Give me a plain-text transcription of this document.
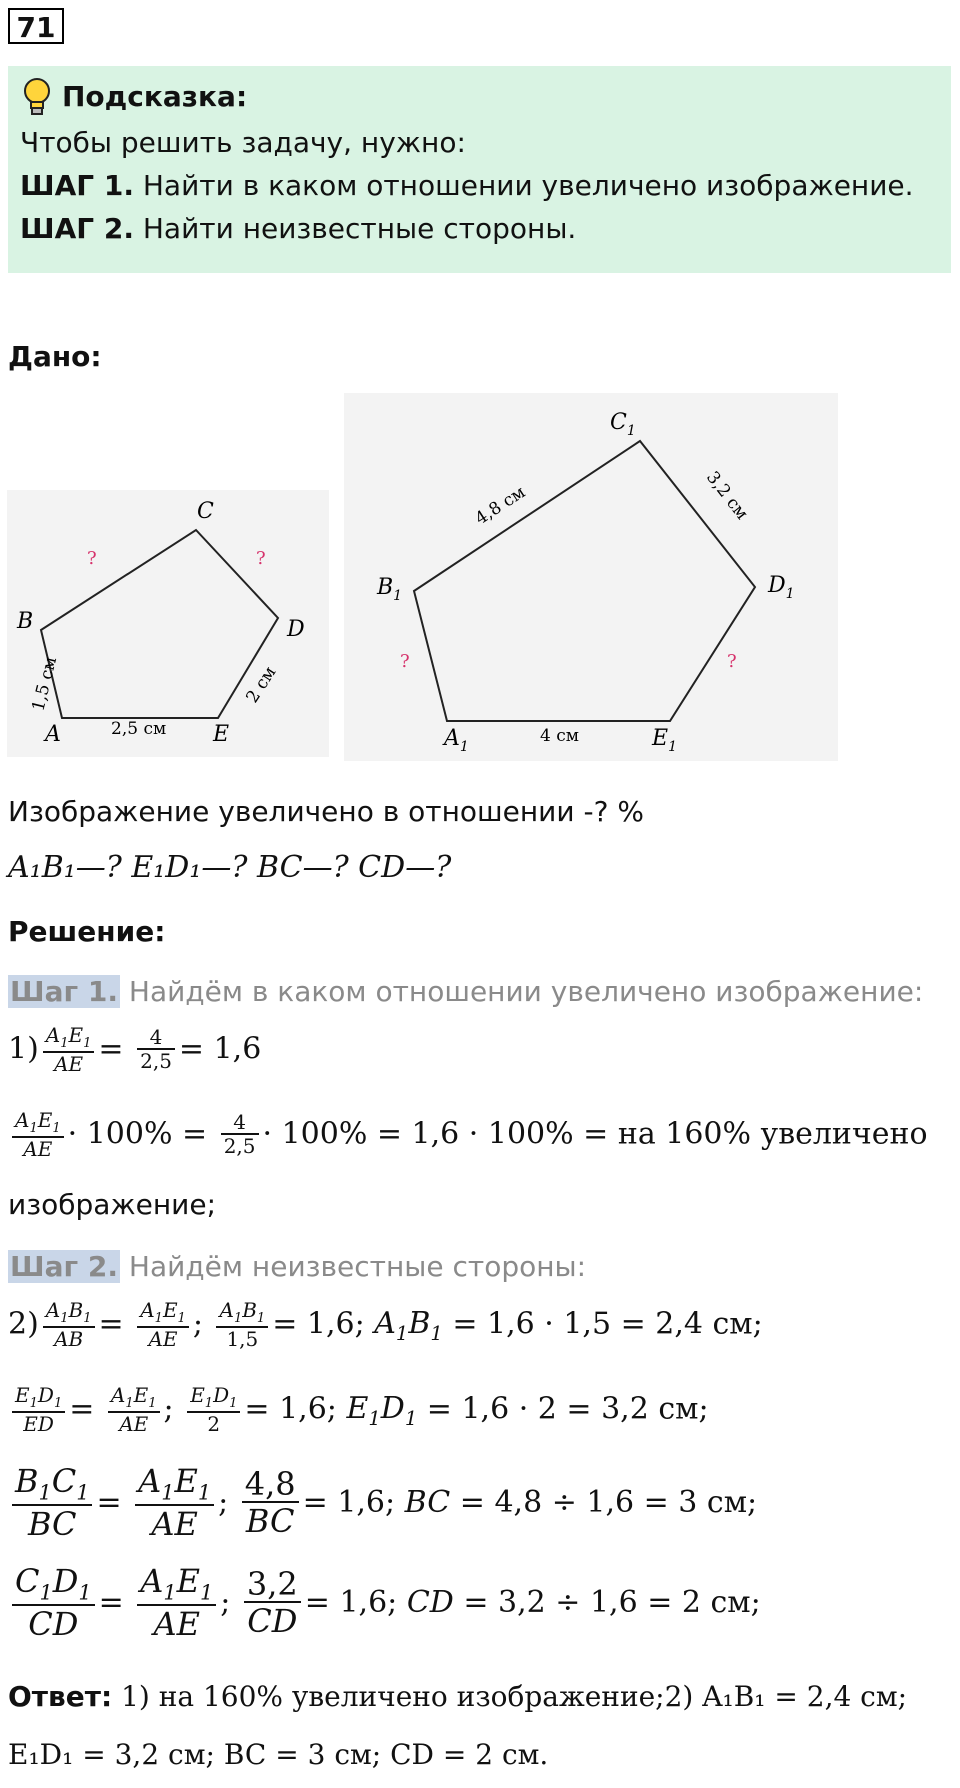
71
Подсказка:

Чтобы решить задачу, нужно:

ШАГ 1. Найти в каком отношении увеличено изображение.

ШАГ 2. Найти неизвестные стороны.

Дано:
C
B	D
A	E
2,5 см
1,5 см	2 см
?	?
$C_1$
$B_1$	$D_1$
$A_1$	$E_1$
4 см
4,8 см	3,2 см
?	?
Изображение увеличено в отношении -? %
A₁B₁—? E₁D₁—? BC—? CD—?
Решение:
Шаг 1. Найдём в каком отношении увеличено изображение:
$1) \frac{A_1E_1}{AE} = \frac{4}{2,5} = 1,6$
$\frac{A_1E_1}{AE} \cdot 100\% = \frac{4}{2,5} \cdot 100\% = 1,6 \cdot 100\%$ = на 160% увеличено
изображение;
Шаг 2. Найдём неизвестные стороны:
$2) \frac{A_1B_1}{AB} = \frac{A_1E_1}{AE}$ ; $\frac{A_1B_1}{1,5} = 1,6$; $A_1B_1 = 1,6 \cdot 1,5 = 2,4$ см;
$\frac{E_1D_1}{ED} = \frac{A_1E_1}{AE}$ ; $\frac{E_1D_1}{2} = 1,6$; $E_1D_1 = 1,6 \cdot 2 = 3,2$ см;
$\frac{B_1C_1}{BC} = \frac{A_1E_1}{AE}$ ; $\frac{4,8}{BC} = 1,6$; BC = 4,8 ÷ 1,6 = 3 см;
$\frac{C_1D_1}{CD} = \frac{A_1E_1}{AE}$ ; $\frac{3,2}{CD} = 1,6$; CD = 3,2 ÷ 1,6 = 2 см;
Ответ: 1) на 160% увеличено изображение;2) A₁B₁ = 2,4 см;
E₁D₁ = 3,2 см; BC = 3 см; CD = 2 см.
